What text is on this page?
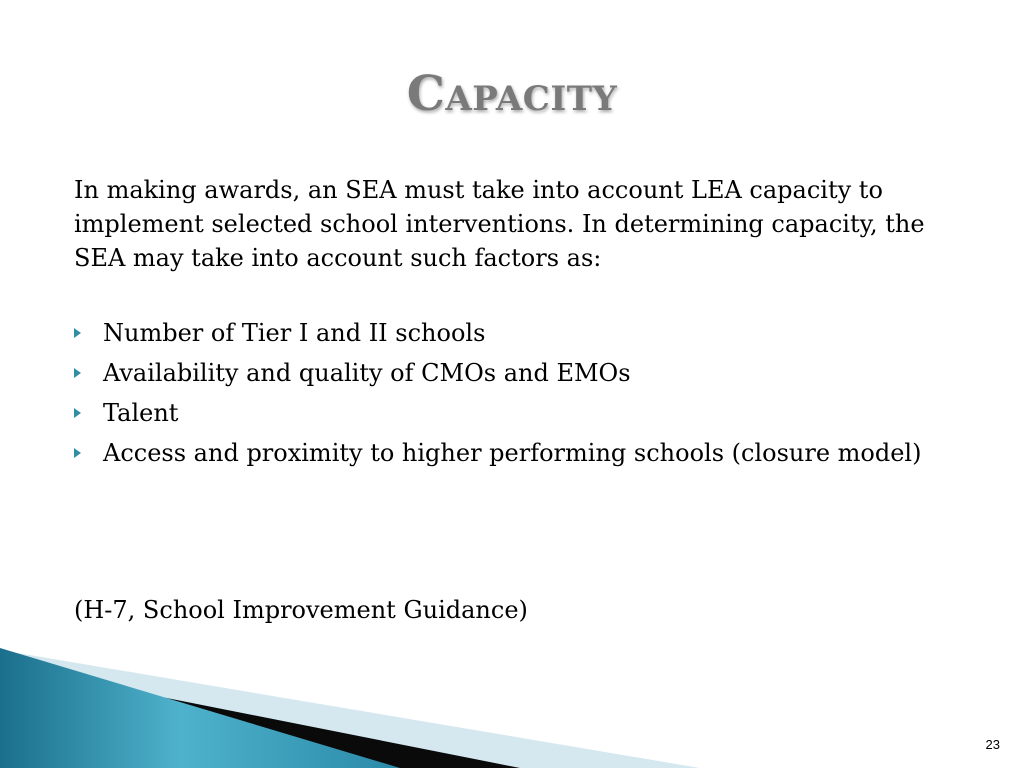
Capacity

In making awards, an SEA must take into account LEA capacity to implement selected school interventions. In determining capacity, the SEA may take into account such factors as:

Number of Tier I and II schools
Availability and quality of CMOs and EMOs
Talent
Access and proximity to higher performing schools (closure model)

(H-7, School Improvement Guidance)

23
